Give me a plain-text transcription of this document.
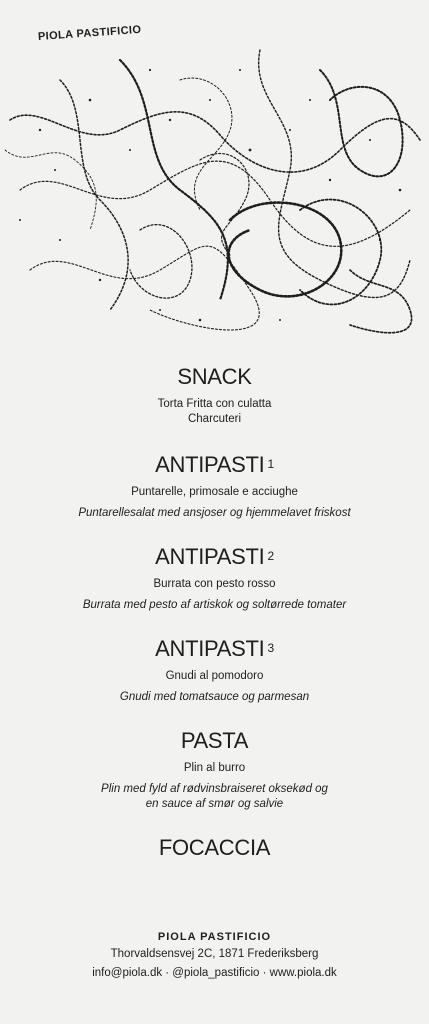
PIOLA PASTIFICIO
SNACK

Torta Fritta con culatta

Charcuteri

ANTIPASTI $^1$

Puntarelle, primosale e acciughe

Puntarellesalat med ansjoser og hjemmelavet friskost

ANTIPASTI $^2$

Burrata con pesto rosso

Burrata med pesto af artiskok og soltørrede tomater

ANTIPASTI $^3$

Gnudi al pomodoro

Gnudi med tomatsauce og parmesan

PASTA

Plin al burro

Plin med fyld af rødvinsbraiseret oksekød og

en sauce af smør og salvie

FOCACCIA
PIOLA PASTIFICIO
Thorvaldsensvej 2C, 1871 Frederiksberg
info@piola.dk · @piola_pastificio · www.piola.dk
